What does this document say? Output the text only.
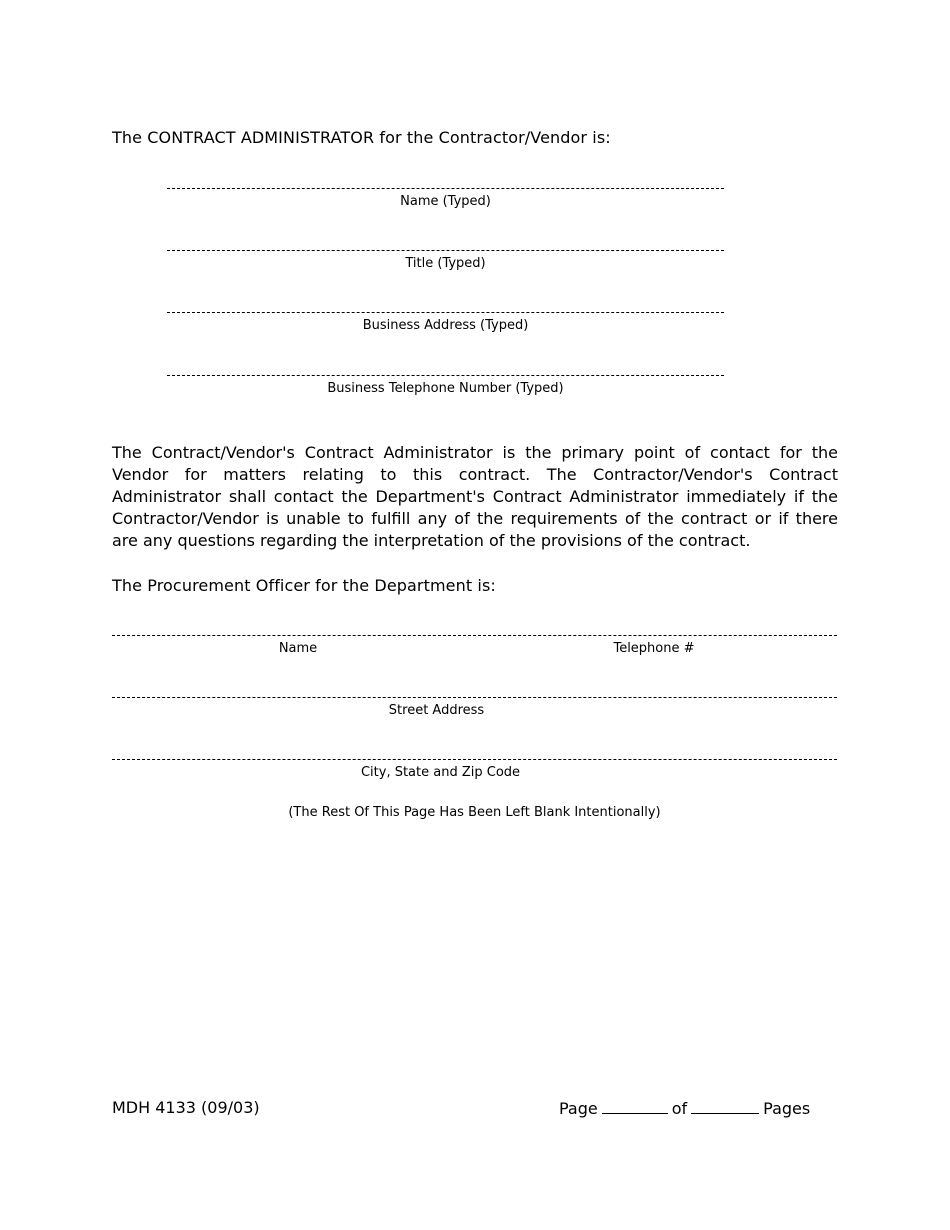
The CONTRACT ADMINISTRATOR for the Contractor/Vendor is:
Name (Typed)
Title (Typed)
Business Address (Typed)
Business Telephone Number (Typed)
The Contract/Vendor's Contract Administrator is the primary point of contact for the Vendor for matters relating to this contract. The Contractor/Vendor's Contract Administrator shall contact the Department's Contract Administrator immediately if the Contractor/Vendor is unable to fulfill any of the requirements of the contract or if there are any questions regarding the interpretation of the provisions of the contract.
The Procurement Officer for the Department is:
Name	Telephone #
Street Address
City, State and Zip Code
(The Rest Of This Page Has Been Left Blank Intentionally)
MDH 4133 (09/03)	Page	of	Pages
